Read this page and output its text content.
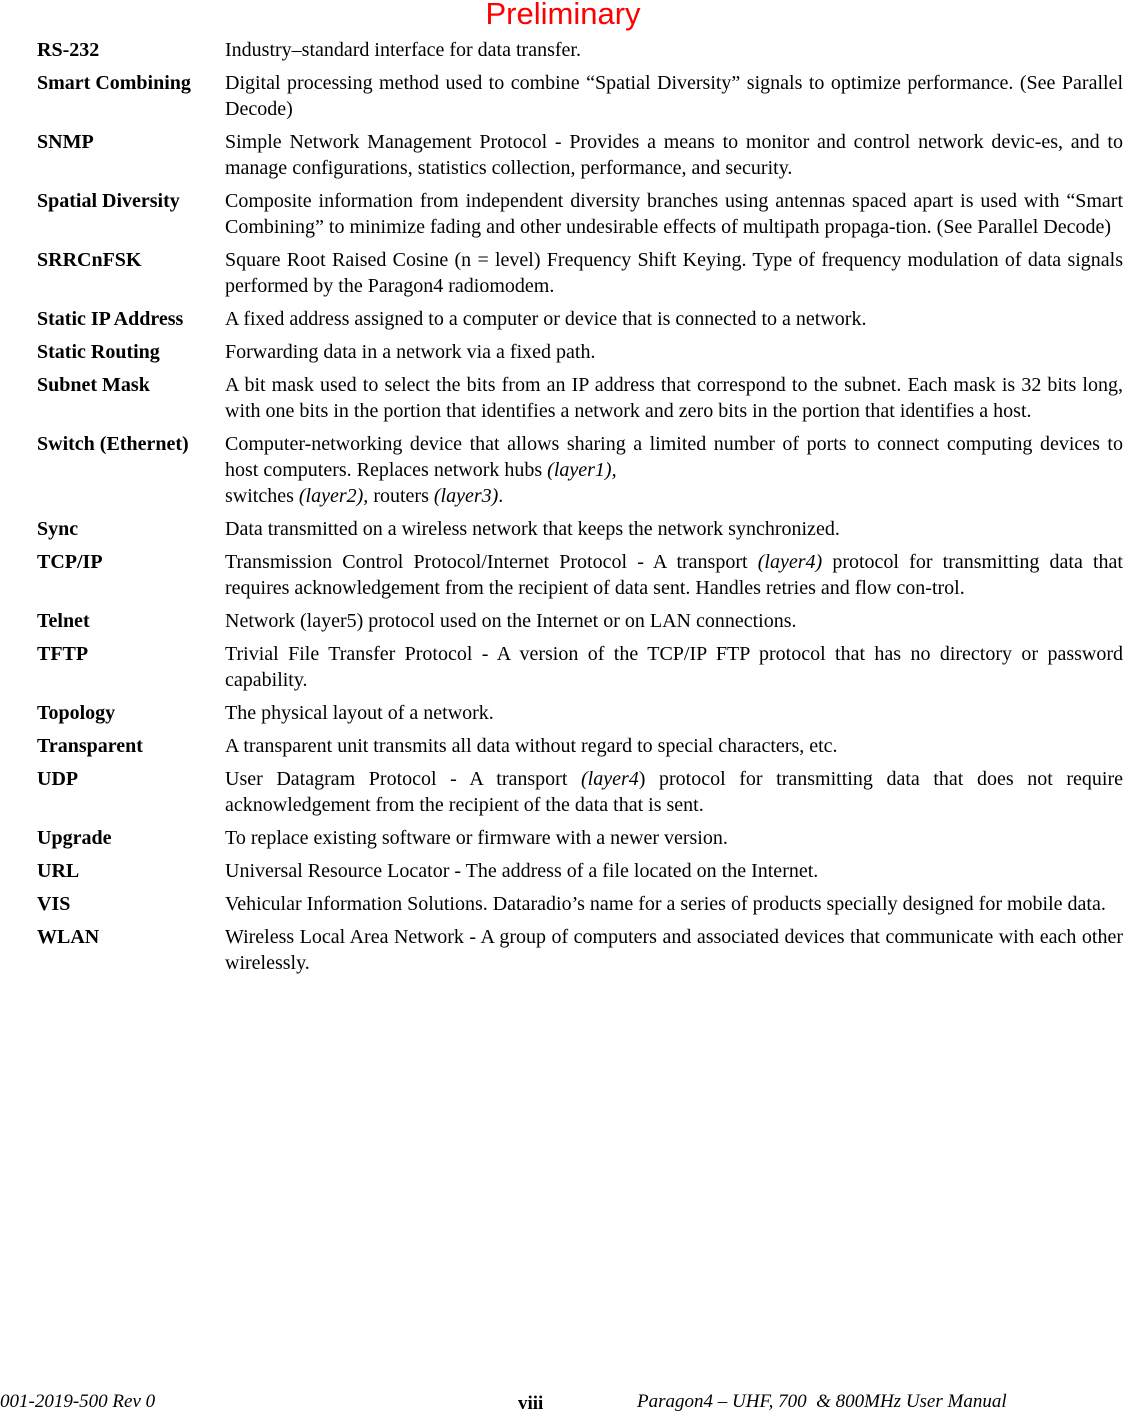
Preliminary
RS-232	Industry–standard interface for data transfer.
Smart Combining	Digital processing method used to combine “Spatial Diversity” signals to optimize performance. (See Parallel Decode)
SNMP	Simple Network Management Protocol - Provides a means to monitor and control network devic-es, and to manage configurations, statistics collection, performance, and security.
Spatial Diversity	Composite information from independent diversity branches using antennas spaced apart is used with “Smart Combining” to minimize fading and other undesirable effects of multipath propaga-tion. (See Parallel Decode)
SRRCnFSK	Square Root Raised Cosine (n = level) Frequency Shift Keying. Type of frequency modulation of data signals performed by the Paragon4 radiomodem.
Static IP Address	A fixed address assigned to a computer or device that is connected to a network.
Static Routing	Forwarding data in a network via a fixed path.
Subnet Mask	A bit mask used to select the bits from an IP address that correspond to the subnet. Each mask is 32 bits long, with one bits in the portion that identifies a network and zero bits in the portion that identifies a host.
Switch (Ethernet)	Computer-networking device that allows sharing a limited number of ports to connect computing devices to host computers. Replaces network hubs (layer1),
switches (layer2), routers (layer3).
Sync	Data transmitted on a wireless network that keeps the network synchronized.
TCP/IP	Transmission Control Protocol/Internet Protocol - A transport (layer4) protocol for transmitting data that requires acknowledgement from the recipient of data sent. Handles retries and flow con-trol.
Telnet	Network (layer5) protocol used on the Internet or on LAN connections.
TFTP	Trivial File Transfer Protocol - A version of the TCP/IP FTP protocol that has no directory or password capability.
Topology	The physical layout of a network.
Transparent	A transparent unit transmits all data without regard to special characters, etc.
UDP	User Datagram Protocol - A transport (layer4) protocol for transmitting data that does not require acknowledgement from the recipient of the data that is sent.
Upgrade	To replace existing software or firmware with a newer version.
URL	Universal Resource Locator - The address of a file located on the Internet.
VIS	Vehicular Information Solutions. Dataradio’s name for a series of products specially designed for mobile data.
WLAN	Wireless Local Area Network - A group of computers and associated devices that communicate with each other wirelessly.
001-2019-500 Rev 0	viii	Paragon4 – UHF, 700  & 800MHz User Manual
